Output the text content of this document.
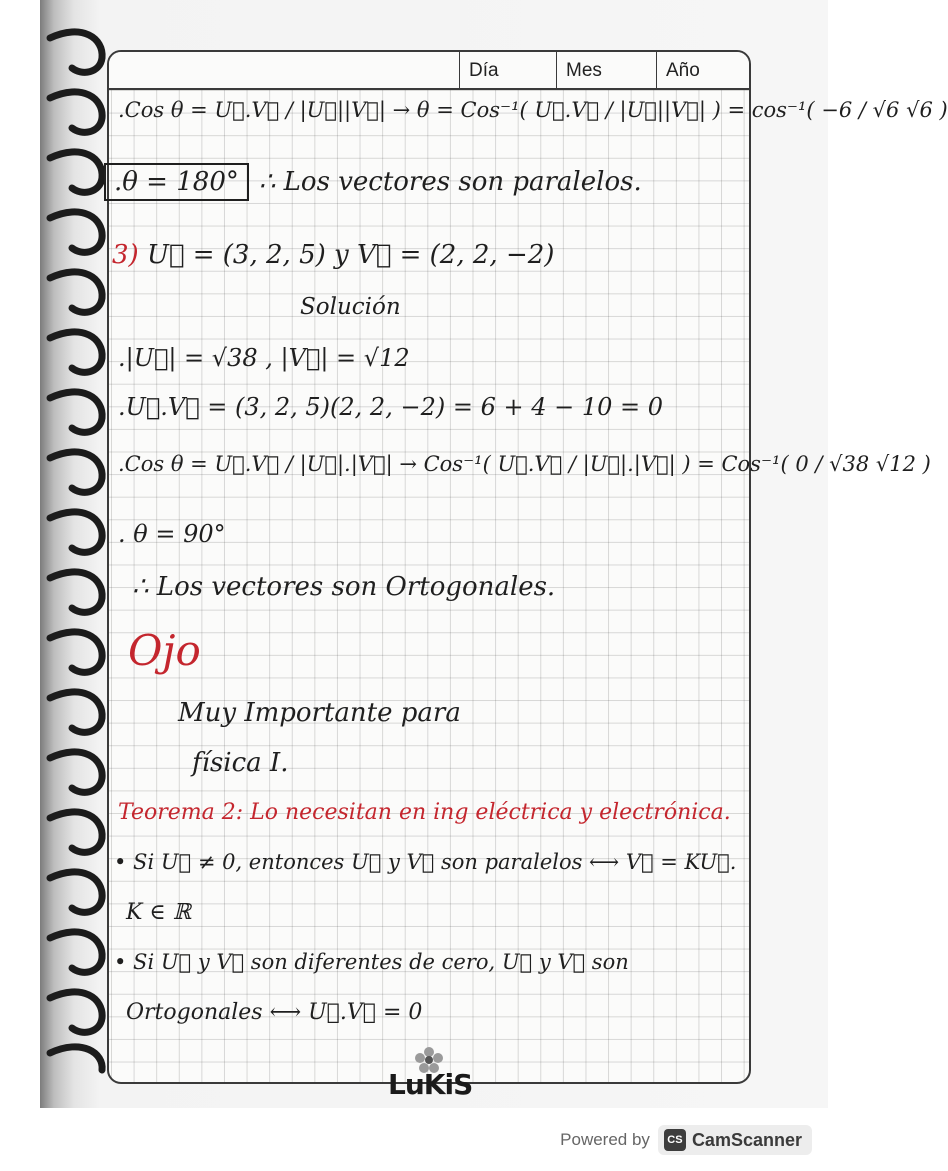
Día	Mes	Año
.Cos θ = U⃗.V⃗ / |U⃗||V⃗| → θ = Cos⁻¹( U⃗.V⃗ / |U⃗||V⃗| ) = cos⁻¹( −6 / √6 √6 )
.θ = 180° ∴ Los vectores son paralelos.
3) U⃗ = (3, 2, 5) y V⃗ = (2, 2, −2)
Solución
.|U⃗| = √38 , |V⃗| = √12
.U⃗.V⃗ = (3, 2, 5)(2, 2, −2) = 6 + 4 − 10 = 0
.Cos θ = U⃗.V⃗ / |U⃗|.|V⃗| → Cos⁻¹( U⃗.V⃗ / |U⃗|.|V⃗| ) = Cos⁻¹( 0 / √38 √12 )
. θ = 90°
∴ Los vectores son Ortogonales.
Ojo
Muy Importante para
física I.
Teorema 2: Lo necesitan en ing eléctrica y electrónica.
• Si U⃗ ≠ 0, entonces U⃗ y V⃗ son paralelos ⟷ V⃗ = KU⃗.
K ∈ ℝ
• Si U⃗ y V⃗ son diferentes de cero, U⃗ y V⃗ son
Ortogonales ⟷ U⃗.V⃗ = 0
LuKiS
Powered by	CS CamScanner
